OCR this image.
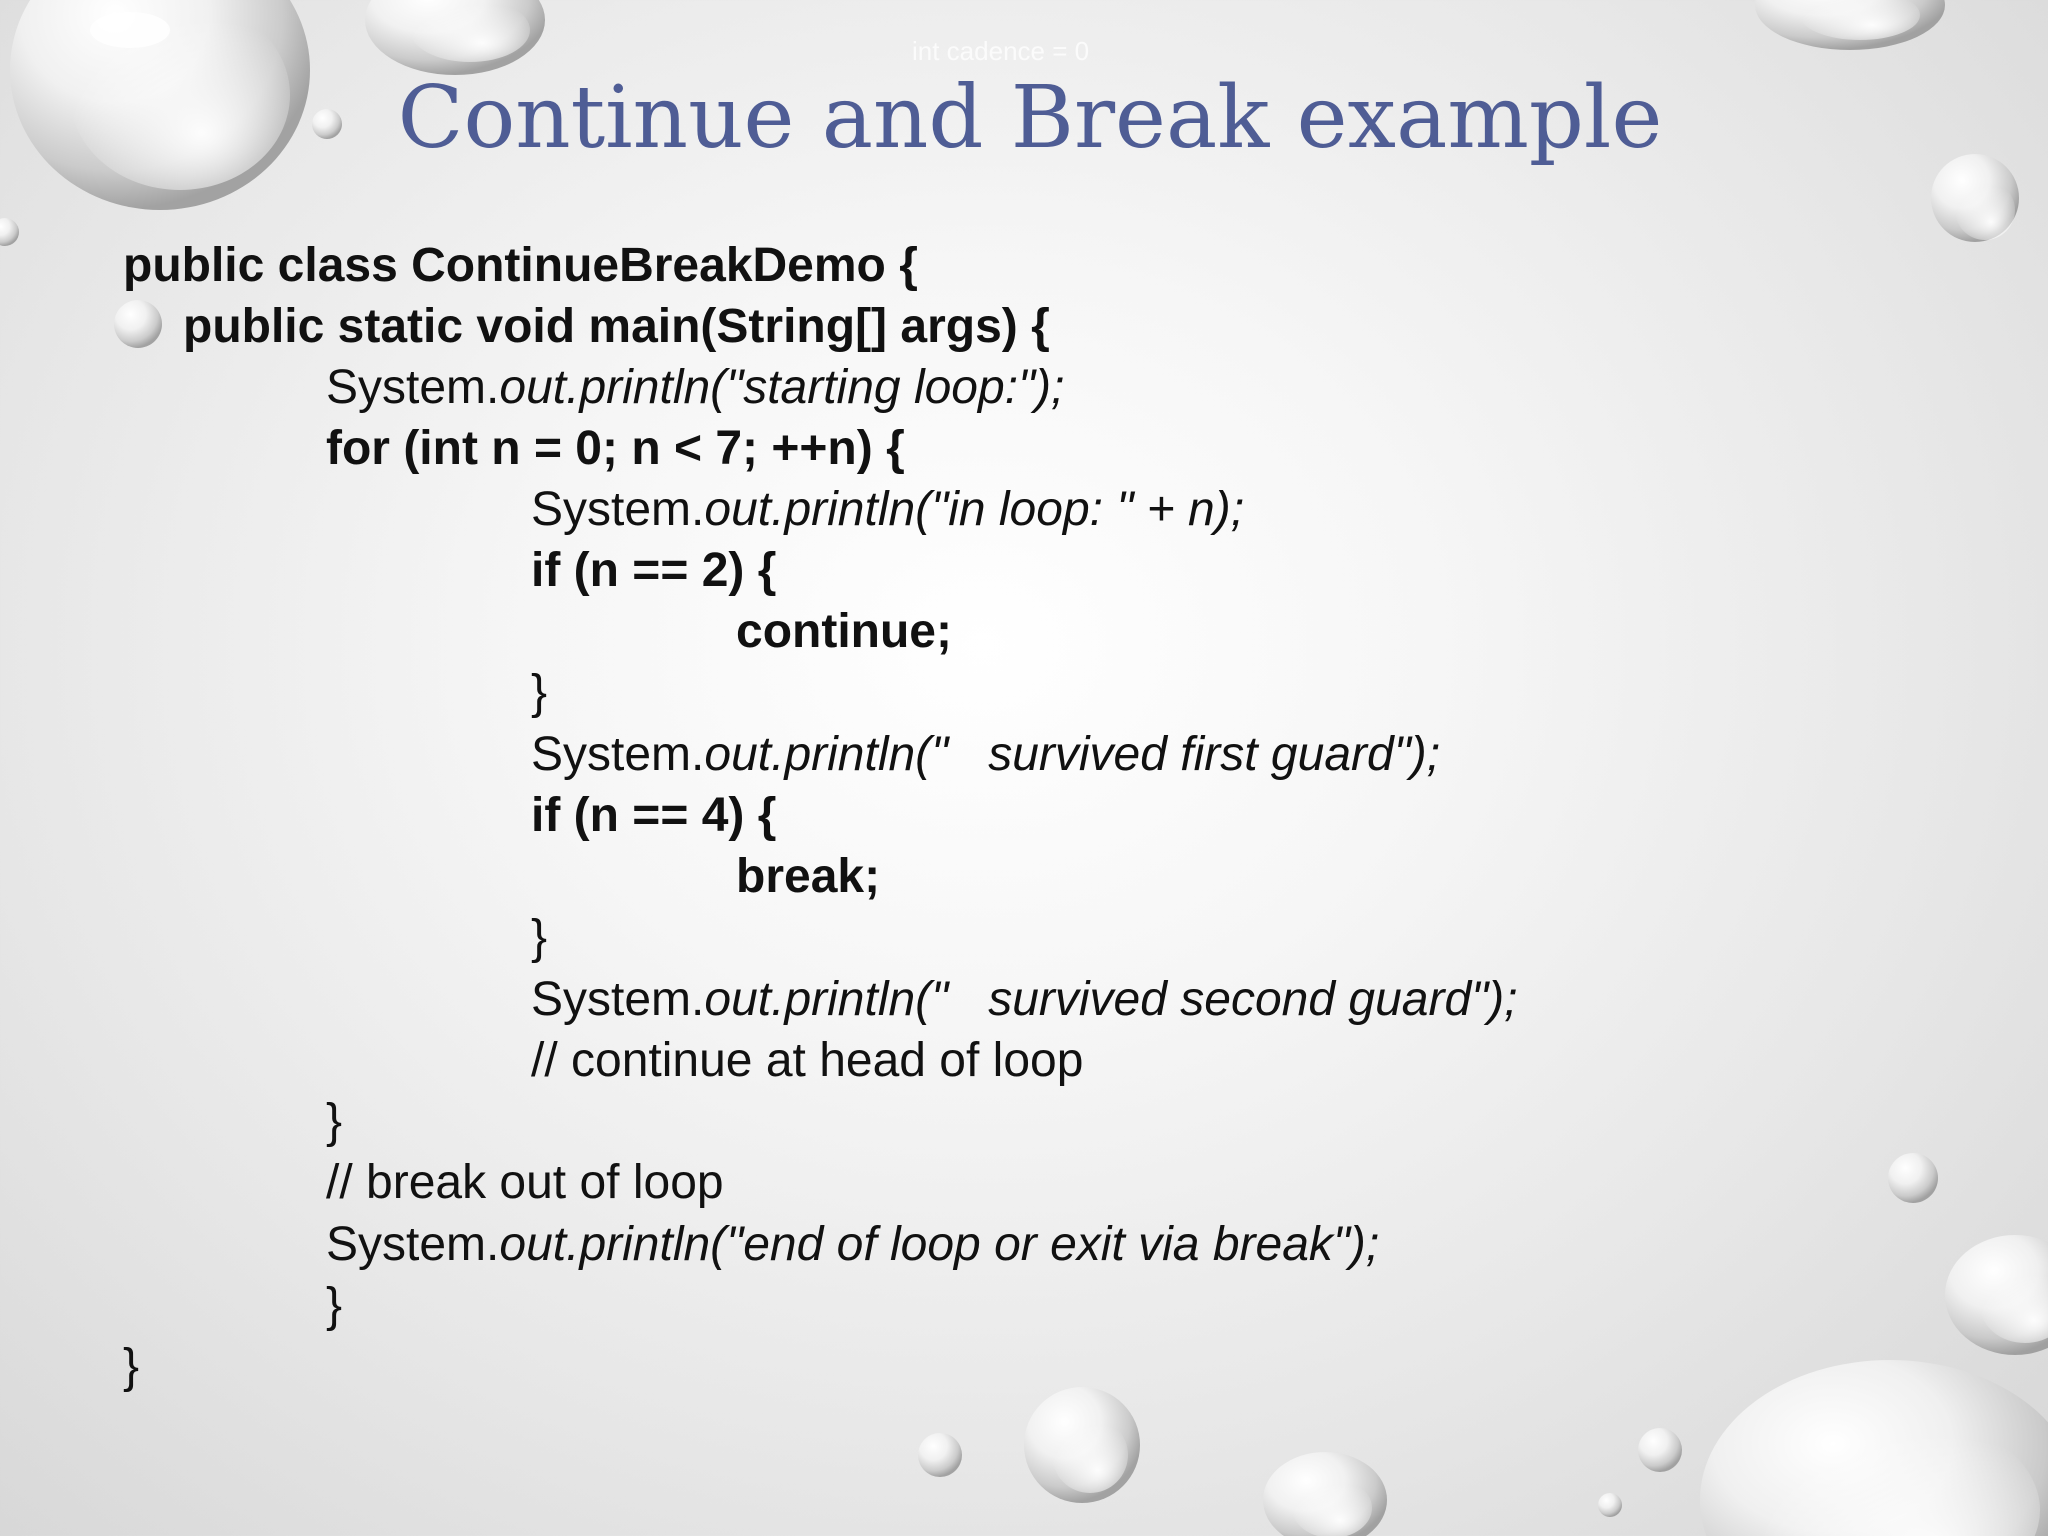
int cadence = 0
Continue and Break example
public class ContinueBreakDemo {
public static void main(String[] args) {
System.out.println("starting loop:");
for (int n = 0; n < 7; ++n) {
System.out.println("in loop: " + n);
if (n == 2) {
continue;
}
System.out.println("   survived first guard");
if (n == 4) {
break;
}
System.out.println("   survived second guard");
// continue at head of loop
}
// break out of loop
System.out.println("end of loop or exit via break");
}
}
